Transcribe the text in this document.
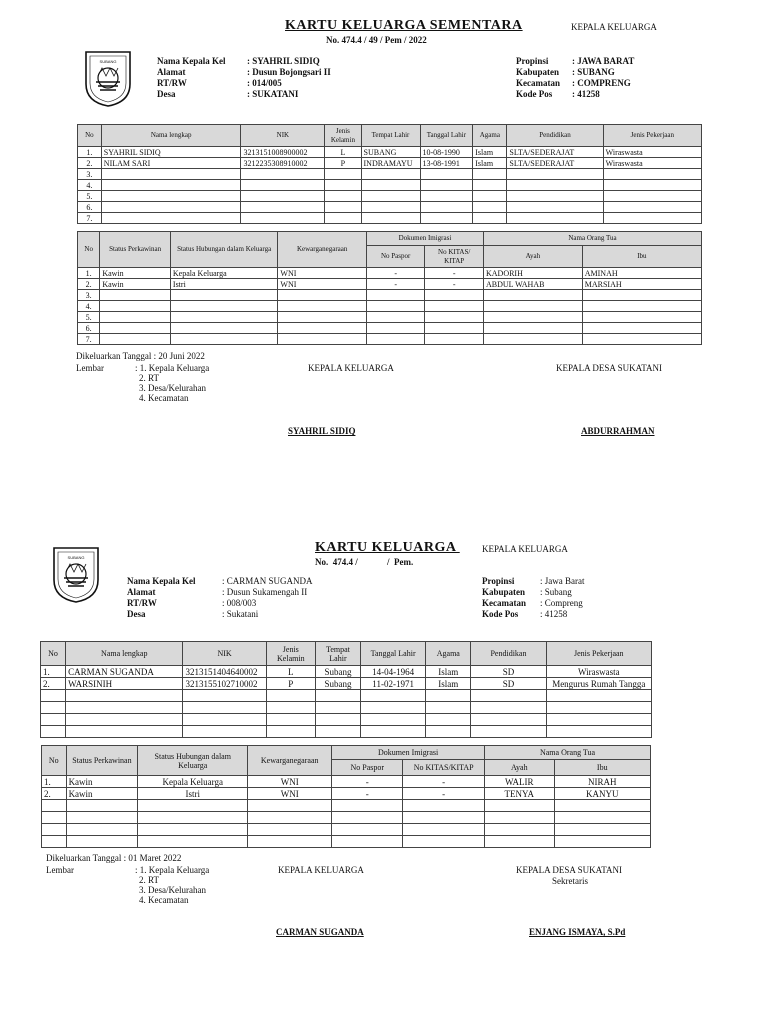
SUBANG
KARTU KELUARGA SEMENTARA
No. 474.4 / 49 / Pem / 2022
KEPALA KELUARGA
Nama Kepala Kel	: SYAHRIL SIDIQ
Alamat	: Dusun Bojongsari II
RT/RW	: 014/005
Desa	: SUKATANI
Propinsi	: JAWA BARAT
Kabupaten	: SUBANG
Kecamatan	: COMPRENG
Kode Pos	: 41258
No	Nama lengkap	NIK	Jenis Kelamin	Tempat Lahir	Tanggal Lahir	Agama	Pendidikan	Jenis Pekerjaan
1.	SYAHRIL SIDIQ	3213151008900002	L	SUBANG	10-08-1990	Islam	SLTA/SEDERAJAT	Wiraswasta
2.	NILAM SARI	3212235308910002	P	INDRAMAYU	13-08-1991	Islam	SLTA/SEDERAJAT	Wiraswasta
3.								
4.								
5.								
6.								
7.								
No	Status Perkawinan	Status Hubungan dalam Keluarga	Kewarganegaraan	Dokumen Imigrasi		Nama Orang Tua	
				No Paspor	No KITAS/ KITAP	Ayah	Ibu
1.	Kawin	Kepala Keluarga	WNI	-	-	KADORIH	AMINAH
2.	Kawin	Istri	WNI	-	-	ABDUL WAHAB	MARSIAH
3.							
4.							
5.							
6.							
7.							
Dikeluarkan Tanggal : 20 Juni 2022
Lembar	: 1. Kepala Keluarga
2. RT
3. Desa/Kelurahan
4. Kecamatan
KEPALA KELUARGA	KEPALA DESA SUKATANI
SYAHRIL SIDIQ	ABDURRAHMAN
SUBANG
KARTU KELUARGA
No.  474.4 /             /  Pem.
KEPALA KELUARGA
Nama Kepala Kel	: CARMAN SUGANDA
Alamat	: Dusun Sukamengah II
RT/RW	: 008/003
Desa	: Sukatani
Propinsi	: Jawa Barat
Kabupaten	: Subang
Kecamatan	: Compreng
Kode Pos	: 41258
No	Nama lengkap	NIK	Jenis Kelamin	Tempat Lahir	Tanggal Lahir	Agama	Pendidikan	Jenis Pekerjaan
1.	CARMAN SUGANDA	3213151404640002	L	Subang	14-04-1964	Islam	SD	Wiraswasta
2.	WARSINIH	3213155102710002	P	Subang	11-02-1971	Islam	SD	Mengurus Rumah Tangga

No	Status Perkawinan	Status Hubungan dalam Keluarga	Kewarganegaraan	Dokumen Imigrasi		Nama Orang Tua	
				No Paspor	No KITAS/KITAP	Ayah	Ibu
1.	Kawin	Kepala Keluarga	WNI	-	-	WALIR	NIRAH
2.	Kawin	Istri	WNI	-	-	TENYA	KANYU

Dikeluarkan Tanggal : 01 Maret 2022
Lembar	: 1. Kepala Keluarga
2. RT
3. Desa/Kelurahan
4. Kecamatan
KEPALA KELUARGA	KEPALA DESA SUKATANI
Sekretaris
CARMAN SUGANDA	ENJANG ISMAYA, S.Pd
